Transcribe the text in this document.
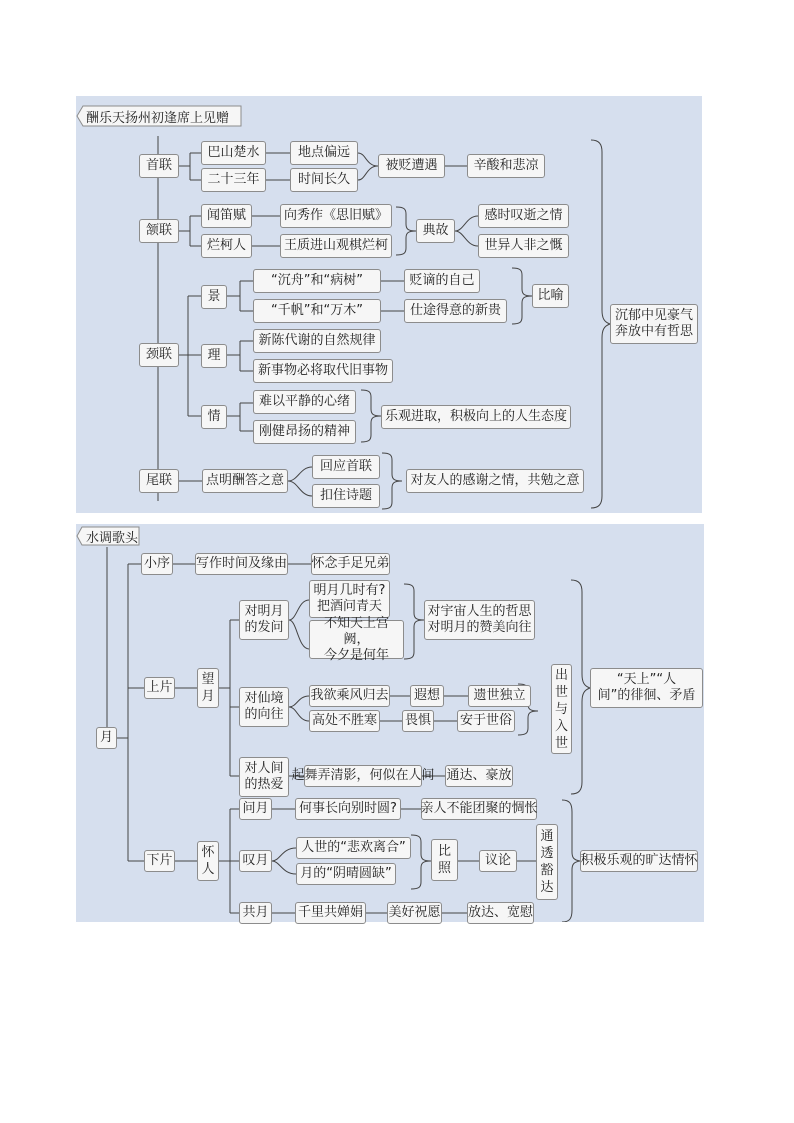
酬乐天扬州初逢席上见赠
首联
巴山楚水	地点偏远
二十三年	时间长久
被贬遭遇	辛酸和悲凉
颔联
闻笛赋	向秀作《思旧赋》
烂柯人	王质进山观棋烂柯
典故
感时叹逝之情
世异人非之慨
颈联
景
“沉舟”和“病树”
“千帆”和“万木”
贬谪的自己
仕途得意的新贵
比喻
理
新陈代谢的自然规律
新事物必将取代旧事物
情
难以平静的心绪
刚健昂扬的精神
乐观进取，积极向上的人生态度
尾联	点明酬答之意
回应首联
扣住诗题
对友人的感谢之情，共勉之意
沉郁中见豪气
奔放中有哲思
水调歌头
月
小序 写作时间及缘由 怀念手足兄弟
上片
望
月
对明月
的发问
明月几时有?
把酒问青天
不知天上宫阙，
今夕是何年
对宇宙人生的哲思
对明月的赞美向往
对仙境
的向往
我欲乘风归去	遐想	遗世独立
高处不胜寒 畏惧 安于世俗
出
世
与
入
世
“天上”“人
间”的徘徊、矛盾
对人间
的热爱
起舞弄清影，何似在人间 通达、豪放
下片
怀
人
问月	何事长向别时圆?	亲人不能团聚的惆怅
叹月
人世的“悲欢离合”
月的“阴晴圆缺”
比
照
议论
通
透
豁
达
积极乐观的旷达情怀
共月 千里共婵娟 美好祝愿 放达、宽慰
